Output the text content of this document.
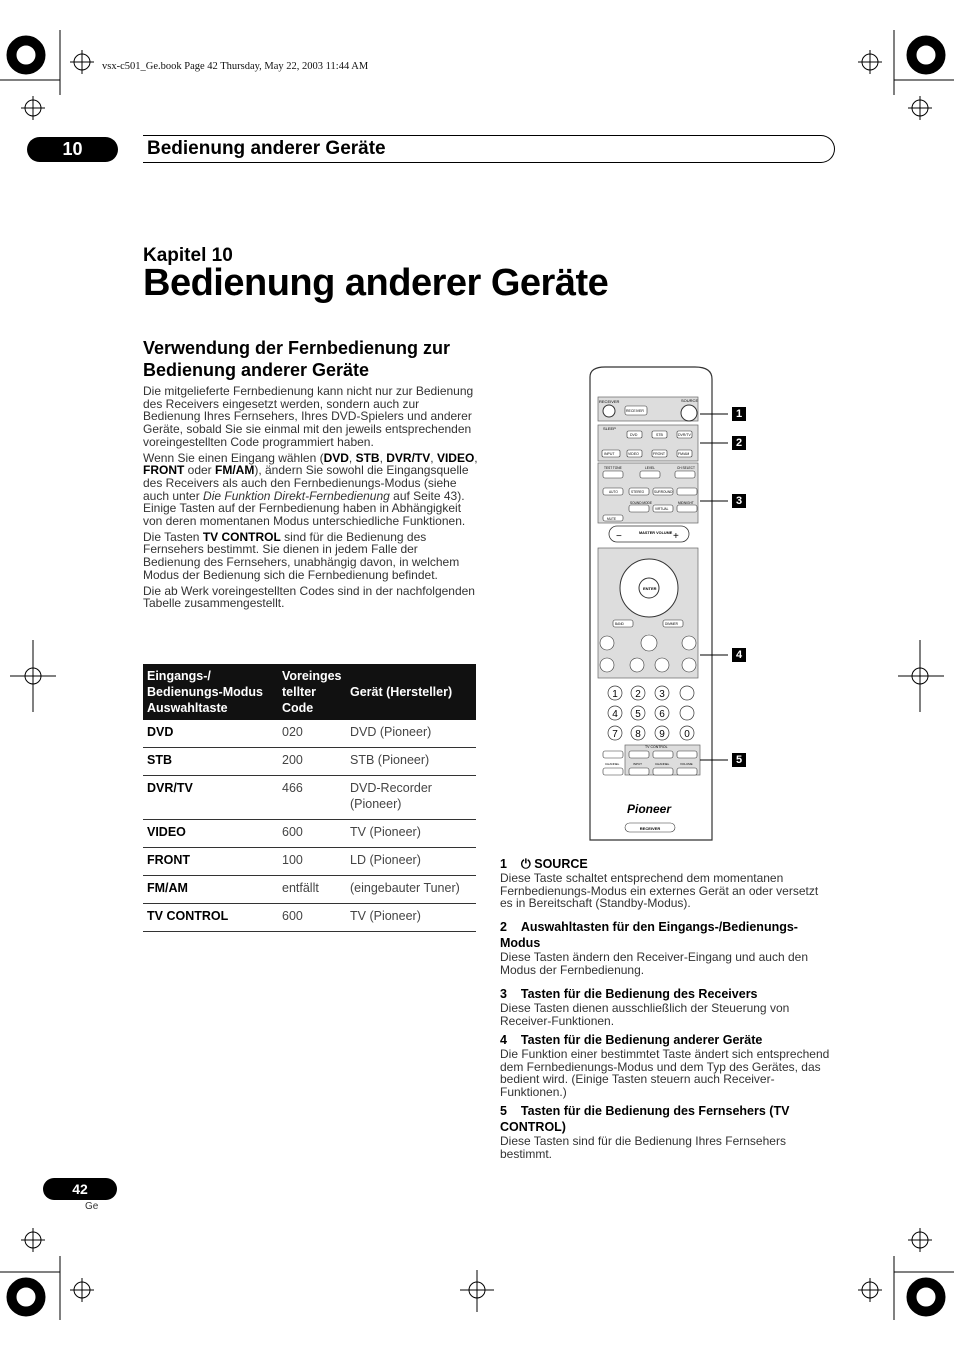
vsx-c501_Ge.book Page 42 Thursday, May 22, 2003 11:44 AM
10	Bedienung anderer Geräte
Kapitel 10
Bedienung anderer Geräte
Verwendung der Fernbedienung zur Bedienung anderer Geräte

Die mitgelieferte Fernbedienung kann nicht nur zur Bedienung des Receivers eingesetzt werden, sondern auch zur Bedienung Ihres Fernsehers, Ihres DVD-Spielers und anderer Geräte, sobald Sie sie einmal mit den jeweils entsprechenden voreingestellten Code programmiert haben.

Wenn Sie einen Eingang wählen (DVD, STB, DVR/TV, VIDEO, FRONT oder FM/AM), ändern Sie sowohl die Eingangsquelle des Receivers als auch den Fernbedienungs-Modus (siehe auch unter Die Funktion Direkt-Fernbedienung auf Seite 43). Einige Tasten auf der Fernbedienung haben in Abhängigkeit von deren momentanen Modus unterschiedliche Funktionen.

Die Tasten TV CONTROL sind für die Bedienung des Fernsehers bestimmt. Sie dienen in jedem Falle der Bedienung des Fernsehers, unabhängig davon, in welchem Modus der Bedienung sich die Fernbedienung befindet.

Die ab Werk voreingestellten Codes sind in der nachfolgenden Tabelle zusammengestellt.

Eingangs-/ Bedienungs-Modus Auswahltaste	Voreinges tellter Code	Gerät (Hersteller)
DVD	020	DVD (Pioneer)
STB	200	STB (Pioneer)
DVR/TV	466	DVD-Recorder (Pioneer)
VIDEO	600	TV (Pioneer)
FRONT	100	LD (Pioneer)
FM/AM	entfällt	(eingebauter Tuner)
TV CONTROL	600	TV (Pioneer)
RECEIVER	SOURCE
RECEIVER
SLEEP
DVD	STB	DVR/TV
VIDEO	FRONT	FM/AM
INPUT
TEST TONE	LEVEL	CH SELECT
AUTO	STEREO	SURROUND
SOUND MODE
VIRTUAL
MIDNIGHT
MUTE
MASTER VOLUME
−	+
ENTER
BAND	DIMMER
1 2 3
4 5 6
7 8 9 0
TV CONTROL
CHANNEL	INPUT	CHANNEL	VOLUME
Pioneer
RECEIVER
1
2
3
4
5
1 ⏻ SOURCE

Diese Taste schaltet entsprechend dem momentanen Fernbedienungs-Modus ein externes Gerät an oder versetzt es in Bereitschaft (Standby-Modus).

2 Auswahltasten für den Eingangs-/Bedienungs-Modus

Diese Tasten ändern den Receiver-Eingang und auch den Modus der Fernbedienung.

3 Tasten für die Bedienung des Receivers

Diese Tasten dienen ausschließlich der Steuerung von Receiver-Funktionen.

4 Tasten für die Bedienung anderer Geräte

Die Funktion einer bestimmtet Taste ändert sich entsprechend dem Fernbedienungs-Modus und dem Typ des Gerätes, das bedient wird. (Einige Tasten steuern auch Receiver-Funktionen.)

5 Tasten für die Bedienung des Fernsehers (TV CONTROL)

Diese Tasten sind für die Bedienung Ihres Fernsehers bestimmt.

42
Ge
